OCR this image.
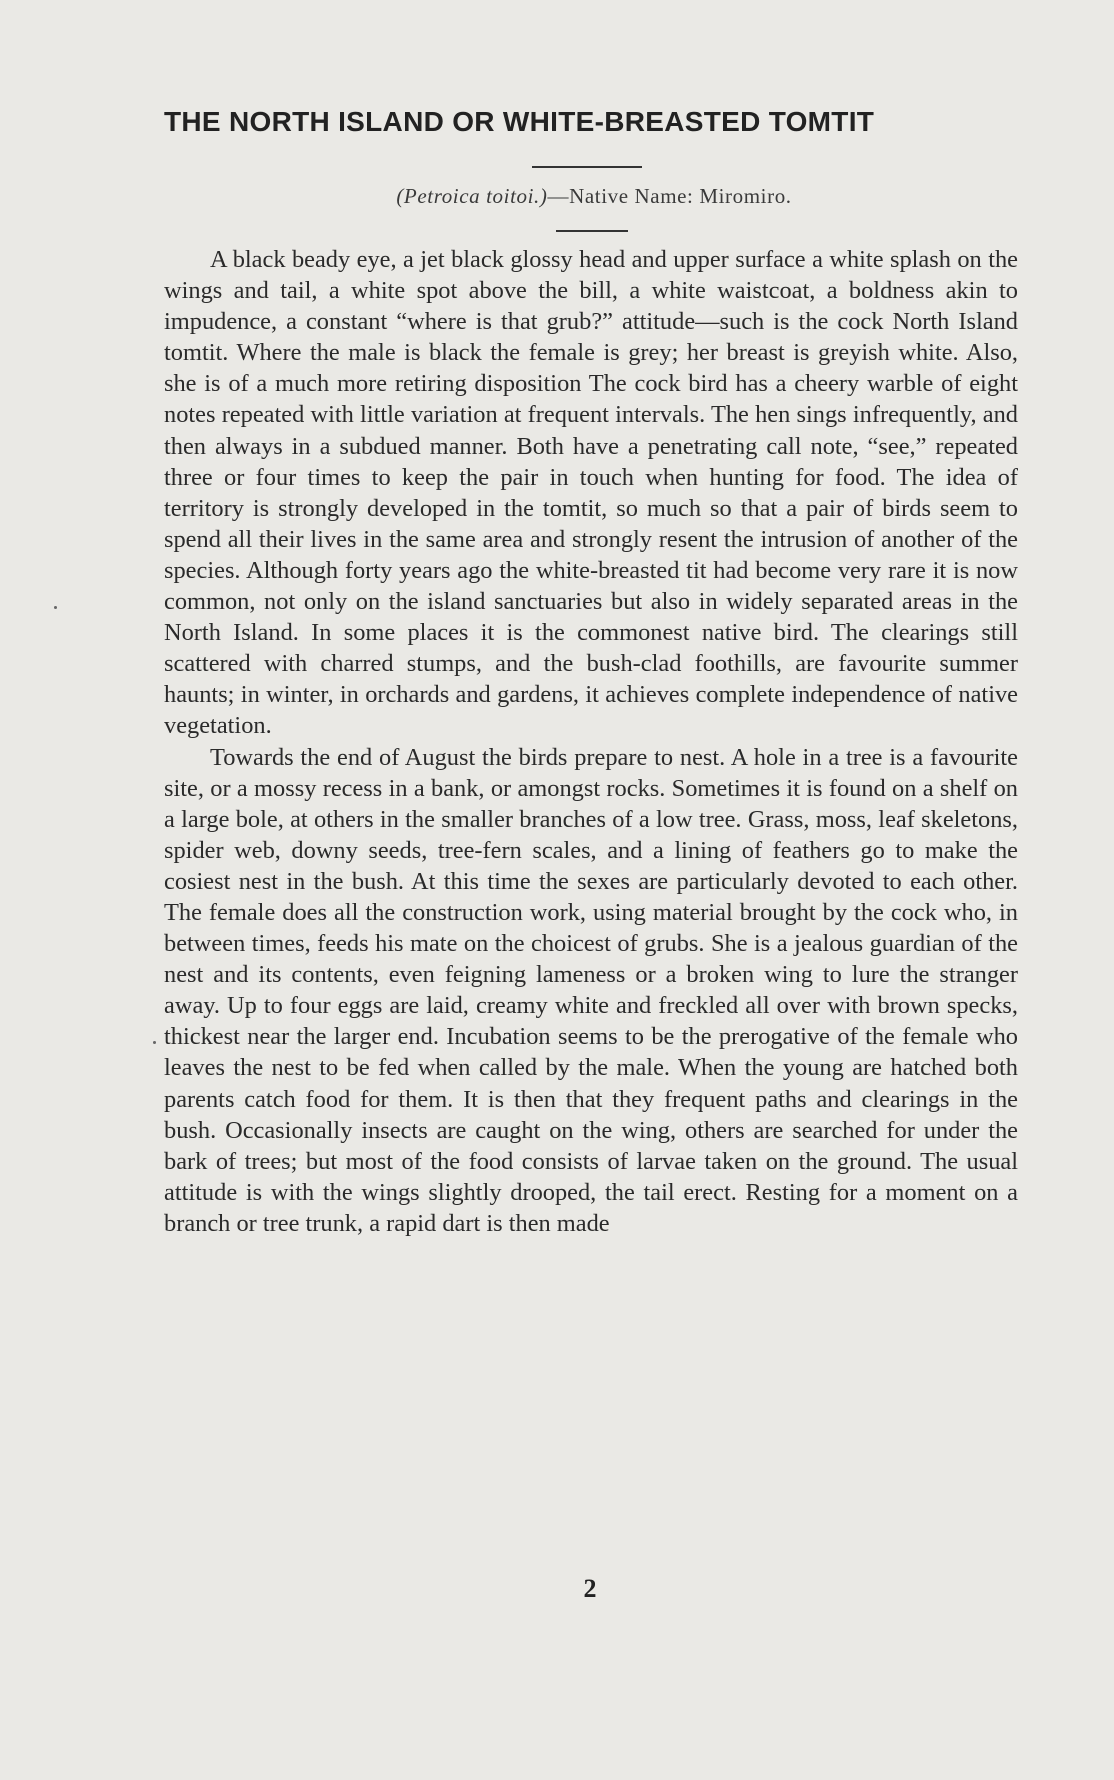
THE NORTH ISLAND OR WHITE-BREASTED TOMTIT

(Petroica toitoi.)—Native Name: Miromiro.

A black beady eye, a jet black glossy head and upper surface a white splash on the wings and tail, a white spot above the bill, a white waistcoat, a boldness akin to impudence, a constant “where is that grub?” attitude—such is the cock North Island tomtit. Where the male is black the female is grey; her breast is greyish white. Also, she is of a much more retiring disposition The cock bird has a cheery warble of eight notes repeated with little variation at frequent intervals. The hen sings infrequently, and then always in a subdued manner. Both have a penetrating call note, “see,” repeated three or four times to keep the pair in touch when hunting for food. The idea of territory is strongly developed in the tomtit, so much so that a pair of birds seem to spend all their lives in the same area and strongly resent the intrusion of another of the species. Although forty years ago the white-breasted tit had become very rare it is now common, not only on the island sanctuaries but also in widely separated areas in the North Island. In some places it is the commonest native bird. The clearings still scattered with charred stumps, and the bush-clad foothills, are favourite summer haunts; in winter, in orchards and gardens, it achieves complete independence of native vegetation.

Towards the end of August the birds prepare to nest. A hole in a tree is a favourite site, or a mossy recess in a bank, or amongst rocks. Sometimes it is found on a shelf on a large bole, at others in the smaller branches of a low tree. Grass, moss, leaf skeletons, spider web, downy seeds, tree-fern scales, and a lining of feathers go to make the cosiest nest in the bush. At this time the sexes are particularly devoted to each other. The female does all the construction work, using material brought by the cock who, in between times, feeds his mate on the choicest of grubs. She is a jealous guardian of the nest and its contents, even feigning lameness or a broken wing to lure the stranger away. Up to four eggs are laid, creamy white and freckled all over with brown specks, thickest near the larger end. Incubation seems to be the prerogative of the female who leaves the nest to be fed when called by the male. When the young are hatched both parents catch food for them. It is then that they frequent paths and clearings in the bush. Occasionally insects are caught on the wing, others are searched for under the bark of trees; but most of the food consists of larvae taken on the ground. The usual attitude is with the wings slightly drooped, the tail erect. Resting for a moment on a branch or tree trunk, a rapid dart is then made

2
